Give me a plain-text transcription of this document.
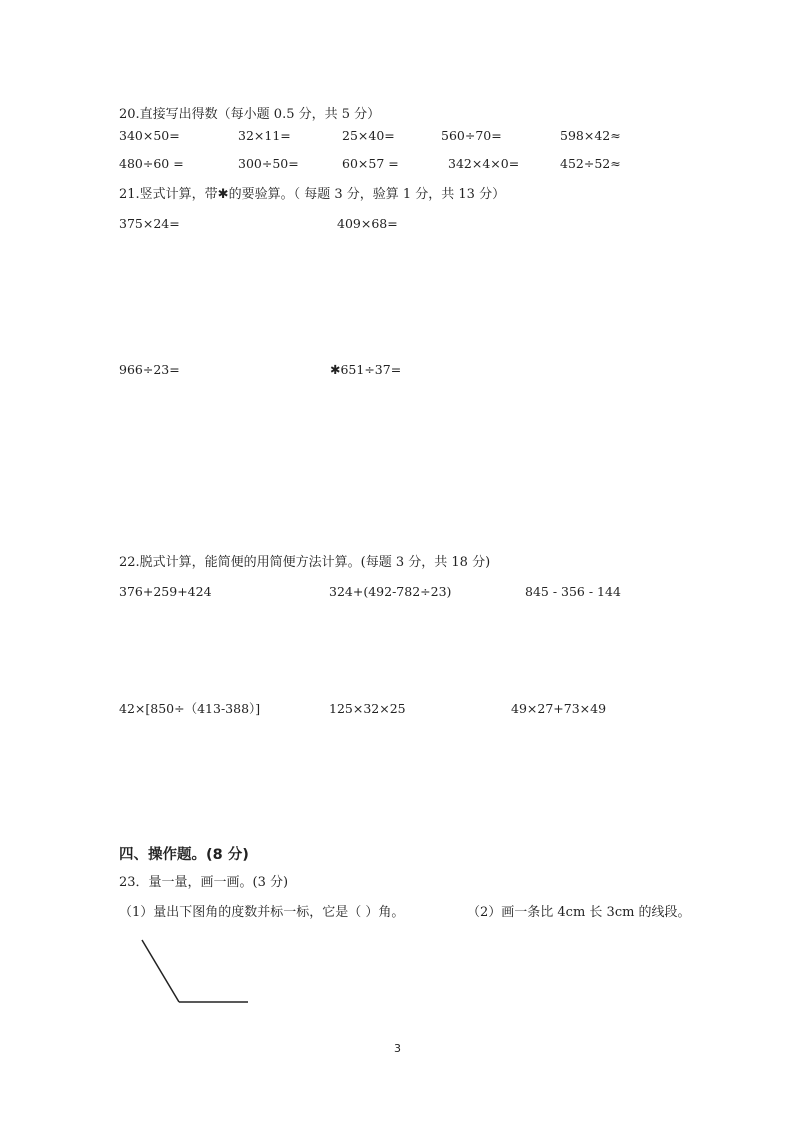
20.直接写出得数（每小题 0.5 分，共 5 分）
340×50=	32×11=	25×40=	560÷70=	598×42≈
480÷60 =	300÷50=	60×57 =	342×4×0=	452÷52≈
21.竖式计算，带✱的要验算。（ 每题 3 分，验算 1 分，共 13 分）
375×24=	409×68=
966÷23=	✱651÷37=
22.脱式计算，能简便的用简便方法计算。(每题 3 分，共 18 分)
376+259+424	324+(492-782÷23)	845 - 356 - 144
42×[850÷（413-388）]	125×32×25	49×27+73×49
四、操作题。(8 分)
23．量一量，画一画。(3 分)
（1）量出下图角的度数并标一标，它是（ ）角。	（2）画一条比 4cm 长 3cm 的线段。
3
